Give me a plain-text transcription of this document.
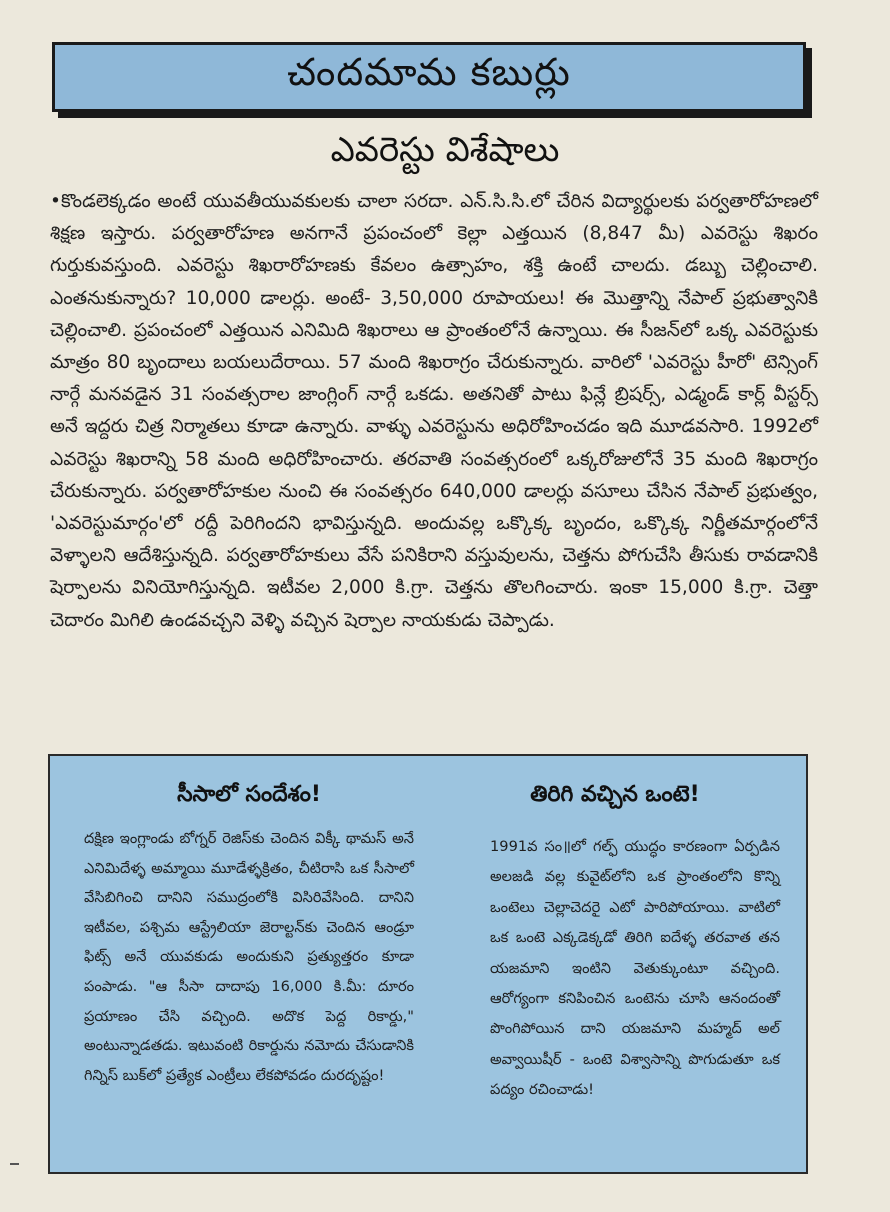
చందమామ కబుర్లు
ఎవరెస్టు విశేషాలు

•కొండలెక్కడం అంటే యువతీయువకులకు చాలా సరదా. ఎన్.సి.సి.లో చేరిన విద్యార్థులకు పర్వతారోహణలో శిక్షణ ఇస్తారు. పర్వతారోహణ అనగానే ప్రపంచంలో కెల్లా ఎత్తయిన (8,847 మీ) ఎవరెస్టు శిఖరం గుర్తుకువస్తుంది. ఎవరెస్టు శిఖరారోహణకు కేవలం ఉత్సాహం, శక్తి ఉంటే చాలదు. డబ్బు చెల్లించాలి. ఎంతనుకున్నారు? 10,000 డాలర్లు. అంటే- 3,50,000 రూపాయలు! ఈ మొత్తాన్ని నేపాల్ ప్రభుత్వానికి చెల్లించాలి. ప్రపంచంలో ఎత్తయిన ఎనిమిది శిఖరాలు ఆ ప్రాంతంలోనే ఉన్నాయి. ఈ సీజన్‌లో ఒక్క ఎవరెస్టుకు మాత్రం 80 బృందాలు బయలుదేరాయి. 57 మంది శిఖరాగ్రం చేరుకున్నారు. వారిలో 'ఎవరెస్టు హీరో' టెన్సింగ్ నార్గే మనవడైన 31 సంవత్సరాల జాంగ్లింగ్ నార్గే ఒకడు. అతనితో పాటు ఫిన్లే బ్రిషర్స్, ఎడ్మండ్ కార్ల్ వీస్టర్స్ అనే ఇద్దరు చిత్ర నిర్మాతలు కూడా ఉన్నారు. వాళ్ళు ఎవరెస్టును అధిరోహించడం ఇది మూడవసారి. 1992లో ఎవరెస్టు శిఖరాన్ని 58 మంది అధిరోహించారు. తరవాతి సంవత్సరంలో ఒక్కరోజులోనే 35 మంది శిఖరాగ్రం చేరుకున్నారు. పర్వతారోహకుల నుంచి ఈ సంవత్సరం 640,000 డాలర్లు వసూలు చేసిన నేపాల్ ప్రభుత్వం, 'ఎవరెస్టుమార్గం'లో రద్దీ పెరిగిందని భావిస్తున్నది. అందువల్ల ఒక్కొక్క బృందం, ఒక్కొక్క నిర్ణీతమార్గంలోనే వెళ్ళాలని ఆదేశిస్తున్నది. పర్వతారోహకులు వేసే పనికిరాని వస్తువులను, చెత్తను పోగుచేసి తీసుకు రావడానికి షెర్పాలను వినియోగిస్తున్నది. ఇటీవల 2,000 కి.గ్రా. చెత్తను తొలగించారు. ఇంకా 15,000 కి.గ్రా. చెత్తా చెదారం మిగిలి ఉండవచ్చని వెళ్ళి వచ్చిన షెర్పాల నాయకుడు చెప్పాడు.

సీసాలో సందేశం!

దక్షిణ ఇంగ్లాండు బోగ్నర్ రెజిస్‌కు చెందిన విక్కీ థామస్ అనే ఎనిమిదేళ్ళ అమ్మాయి మూడేళ్ళక్రితం, చీటిరాసి ఒక సీసాలో వేసిబిగించి దానిని సముద్రంలోకి విసిరివేసింది. దానిని ఇటీవల, పశ్చిమ ఆస్ట్రేలియా జెరాల్టన్‌కు చెందిన ఆండ్రూ ఫిట్స్ అనే యువకుడు అందుకుని ప్రత్యుత్తరం కూడా పంపాడు. "ఆ సీసా దాదాపు 16,000 కి.మీ: దూరం ప్రయాణం చేసి వచ్చింది. అదొక పెద్ద రికార్డు," అంటున్నాడతడు. ఇటువంటి రికార్డును నమోదు చేసుడానికి గిన్నిస్ బుక్‌లో ప్రత్యేక ఎంట్రీలు లేకపోవడం దురదృష్టం!

తిరిగి వచ్చిన ఒంటె!

1991వ సం॥లో గల్ఫ్ యుద్ధం కారణంగా ఏర్పడిన అలజడి వల్ల కువైట్‌లోని ఒక ప్రాంతంలోని కొన్ని ఒంటెలు చెల్లాచెదరై ఎటో పారిపోయాయి. వాటిలో ఒక ఒంటె ఎక్కడెక్కడో తిరిగి ఐదేళ్ళ తరవాత తన యజమాని ఇంటిని వెతుక్కుంటూ వచ్చింది. ఆరోగ్యంగా కనిపించిన ఒంటెను చూసి ఆనందంతో పొంగిపోయిన దాని యజమాని మహ్మద్ అల్ అవ్వాయిషీర్ - ఒంటె విశ్వాసాన్ని పొగుడుతూ ఒక పద్యం రచించాడు!
